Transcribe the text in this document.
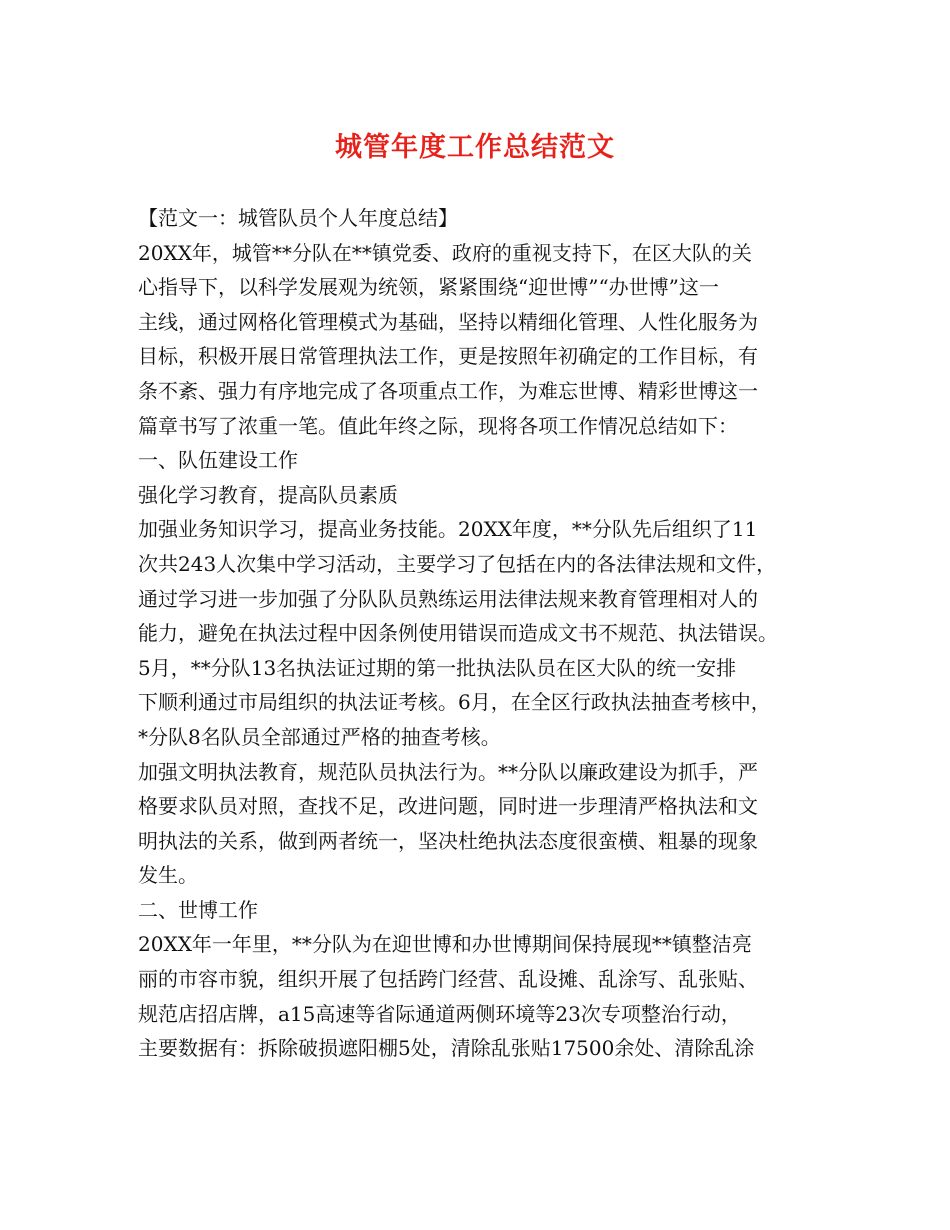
城管年度工作总结范文
【范文一：城管队员个人年度总结】
20XX年，城管**分队在**镇党委、政府的重视支持下，在区大队的关
心指导下，以科学发展观为统领，紧紧围绕“迎世博”“办世博”这一
主线，通过网格化管理模式为基础，坚持以精细化管理、人性化服务为
目标，积极开展日常管理执法工作，更是按照年初确定的工作目标，有
条不紊、强力有序地完成了各项重点工作，为难忘世博、精彩世博这一
篇章书写了浓重一笔。值此年终之际，现将各项工作情况总结如下：
一、队伍建设工作
强化学习教育，提高队员素质
加强业务知识学习，提高业务技能。20XX年度，**分队先后组织了11
次共243人次集中学习活动，主要学习了包括在内的各法律法规和文件，
通过学习进一步加强了分队队员熟练运用法律法规来教育管理相对人的
能力，避免在执法过程中因条例使用错误而造成文书不规范、执法错误。
5月，**分队13名执法证过期的第一批执法队员在区大队的统一安排
下顺利通过市局组织的执法证考核。6月，在全区行政执法抽查考核中，
*分队8名队员全部通过严格的抽查考核。
加强文明执法教育，规范队员执法行为。**分队以廉政建设为抓手，严
格要求队员对照，查找不足，改进问题，同时进一步理清严格执法和文
明执法的关系，做到两者统一，坚决杜绝执法态度很蛮横、粗暴的现象
发生。
二、世博工作
20XX年一年里，**分队为在迎世博和办世博期间保持展现**镇整洁亮
丽的市容市貌，组织开展了包括跨门经营、乱设摊、乱涂写、乱张贴、
规范店招店牌，a15高速等省际通道两侧环境等23次专项整治行动，
主要数据有：拆除破损遮阳棚5处，清除乱张贴17500余处、清除乱涂
